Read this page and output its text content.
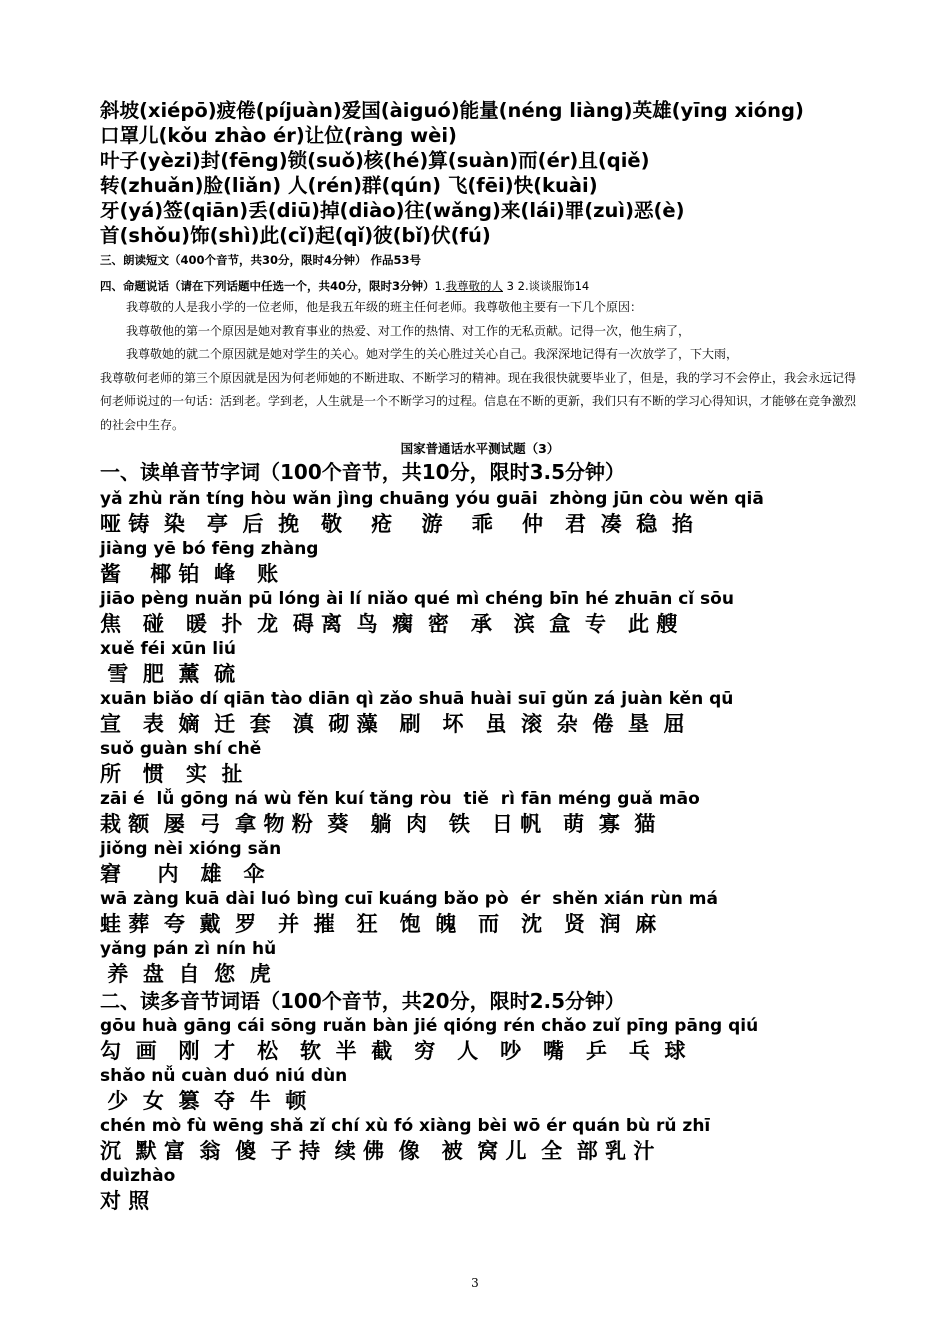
斜坡(xiépō)疲倦(píjuàn)爱国(àiguó)能量(néng liàng)英雄(yīng xióng)
口罩儿(kǒu zhào ér)让位(ràng wèi)
叶子(yèzi)封(fēng)锁(suǒ)核(hé)算(suàn)而(ér)且(qiě)
转(zhuǎn)脸(liǎn) 人(rén)群(qún) 飞(fēi)快(kuài)
牙(yá)签(qiān)丢(diū)掉(diào)往(wǎng)来(lái)罪(zuì)恶(è)
首(shǒu)饰(shì)此(cǐ)起(qǐ)彼(bǐ)伏(fú)
三、朗读短文（400个音节，共30分，限时4分钟） 作品53号
四、命题说话（请在下列话题中任选一个，共40分，限时3分钟）1.我尊敬的人 3 2.谈谈服饰14
我尊敬的人是我小学的一位老师，他是我五年级的班主任何老师。我尊敬他主要有一下几个原因：
我尊敬他的第一个原因是她对教育事业的热爱、对工作的热情、对工作的无私贡献。记得一次，他生病了，
我尊敬她的就二个原因就是她对学生的关心。她对学生的关心胜过关心自己。我深深地记得有一次放学了，下大雨，
我尊敬何老师的第三个原因就是因为何老师她的不断进取、不断学习的精神。现在我很快就要毕业了，但是，我的学习不会停止，我会永远记得何老师说过的一句话：活到老。学到老，人生就是一个不断学习的过程。信息在不断的更新，我们只有不断的学习心得知识，才能够在竞争激烈的社会中生存。
国家普通话水平测试题（3）
一、读单音节字词（100个音节，共10分，限时3.5分钟）
yǎ zhù rǎn tíng hòu wǎn jìng chuāng yóu guāi  zhòng jūn còu wěn qiā
哑 铸  染   亭  后  挽   敬    疮    游    乖    仲   君  凑  稳  掐
jiàng yē bó fēng zhàng
酱    椰 铂  峰   账
jiāo pèng nuǎn pū lóng ài lí niǎo qué mì chéng bīn hé zhuān cǐ sōu
焦   碰   暖  扑  龙  碍 离  鸟  瘸  密   承   滨  盒  专   此 艘
xuě féi xūn liú
雪  肥  薰  硫
xuān biǎo dí qiān tào diān qì zǎo shuā huài suī gǔn zá juàn kěn qū
宣   表  嫡  迁  套   滇  砌 藻   刷   坏   虽  滚  杂  倦  垦  屈
suǒ guàn shí chě
所   惯   实  扯
zāi é  lǚ gōng ná wù fěn kuí tǎng ròu  tiě  rì fān méng guǎ māo
栽 额  屡  弓  拿 物 粉  葵   躺  肉   铁   日 帆   萌  寡  猫
jiǒng nèi xióng sǎn
窘     内   雄   伞
wā zàng kuā dài luó bìng cuī kuáng bǎo pò  ér  shěn xián rùn má
蛙 葬  夸  戴  罗   并  摧   狂   饱  魄   而   沈   贤  润  麻
yǎng pán zì nín hǔ
养  盘  自  您  虎
二、读多音节词语（100个音节，共20分，限时2.5分钟）
gōu huà gāng cái sōng ruǎn bàn jié qióng rén chǎo zuǐ pīng pāng qiú
勾  画   刚  才   松   软  半  截   穷   人   吵   嘴   乒   乓  球
shǎo nǚ cuàn duó niú dùn
少  女  篡  夺  牛  顿
chén mò fù wēng shǎ zǐ chí xù fó xiàng bèi wō ér quán bù rǔ zhī
沉  默 富  翁  傻  子 持  续 佛  像   被  窝 儿  全  部 乳 汁
duìzhào
对 照
3
